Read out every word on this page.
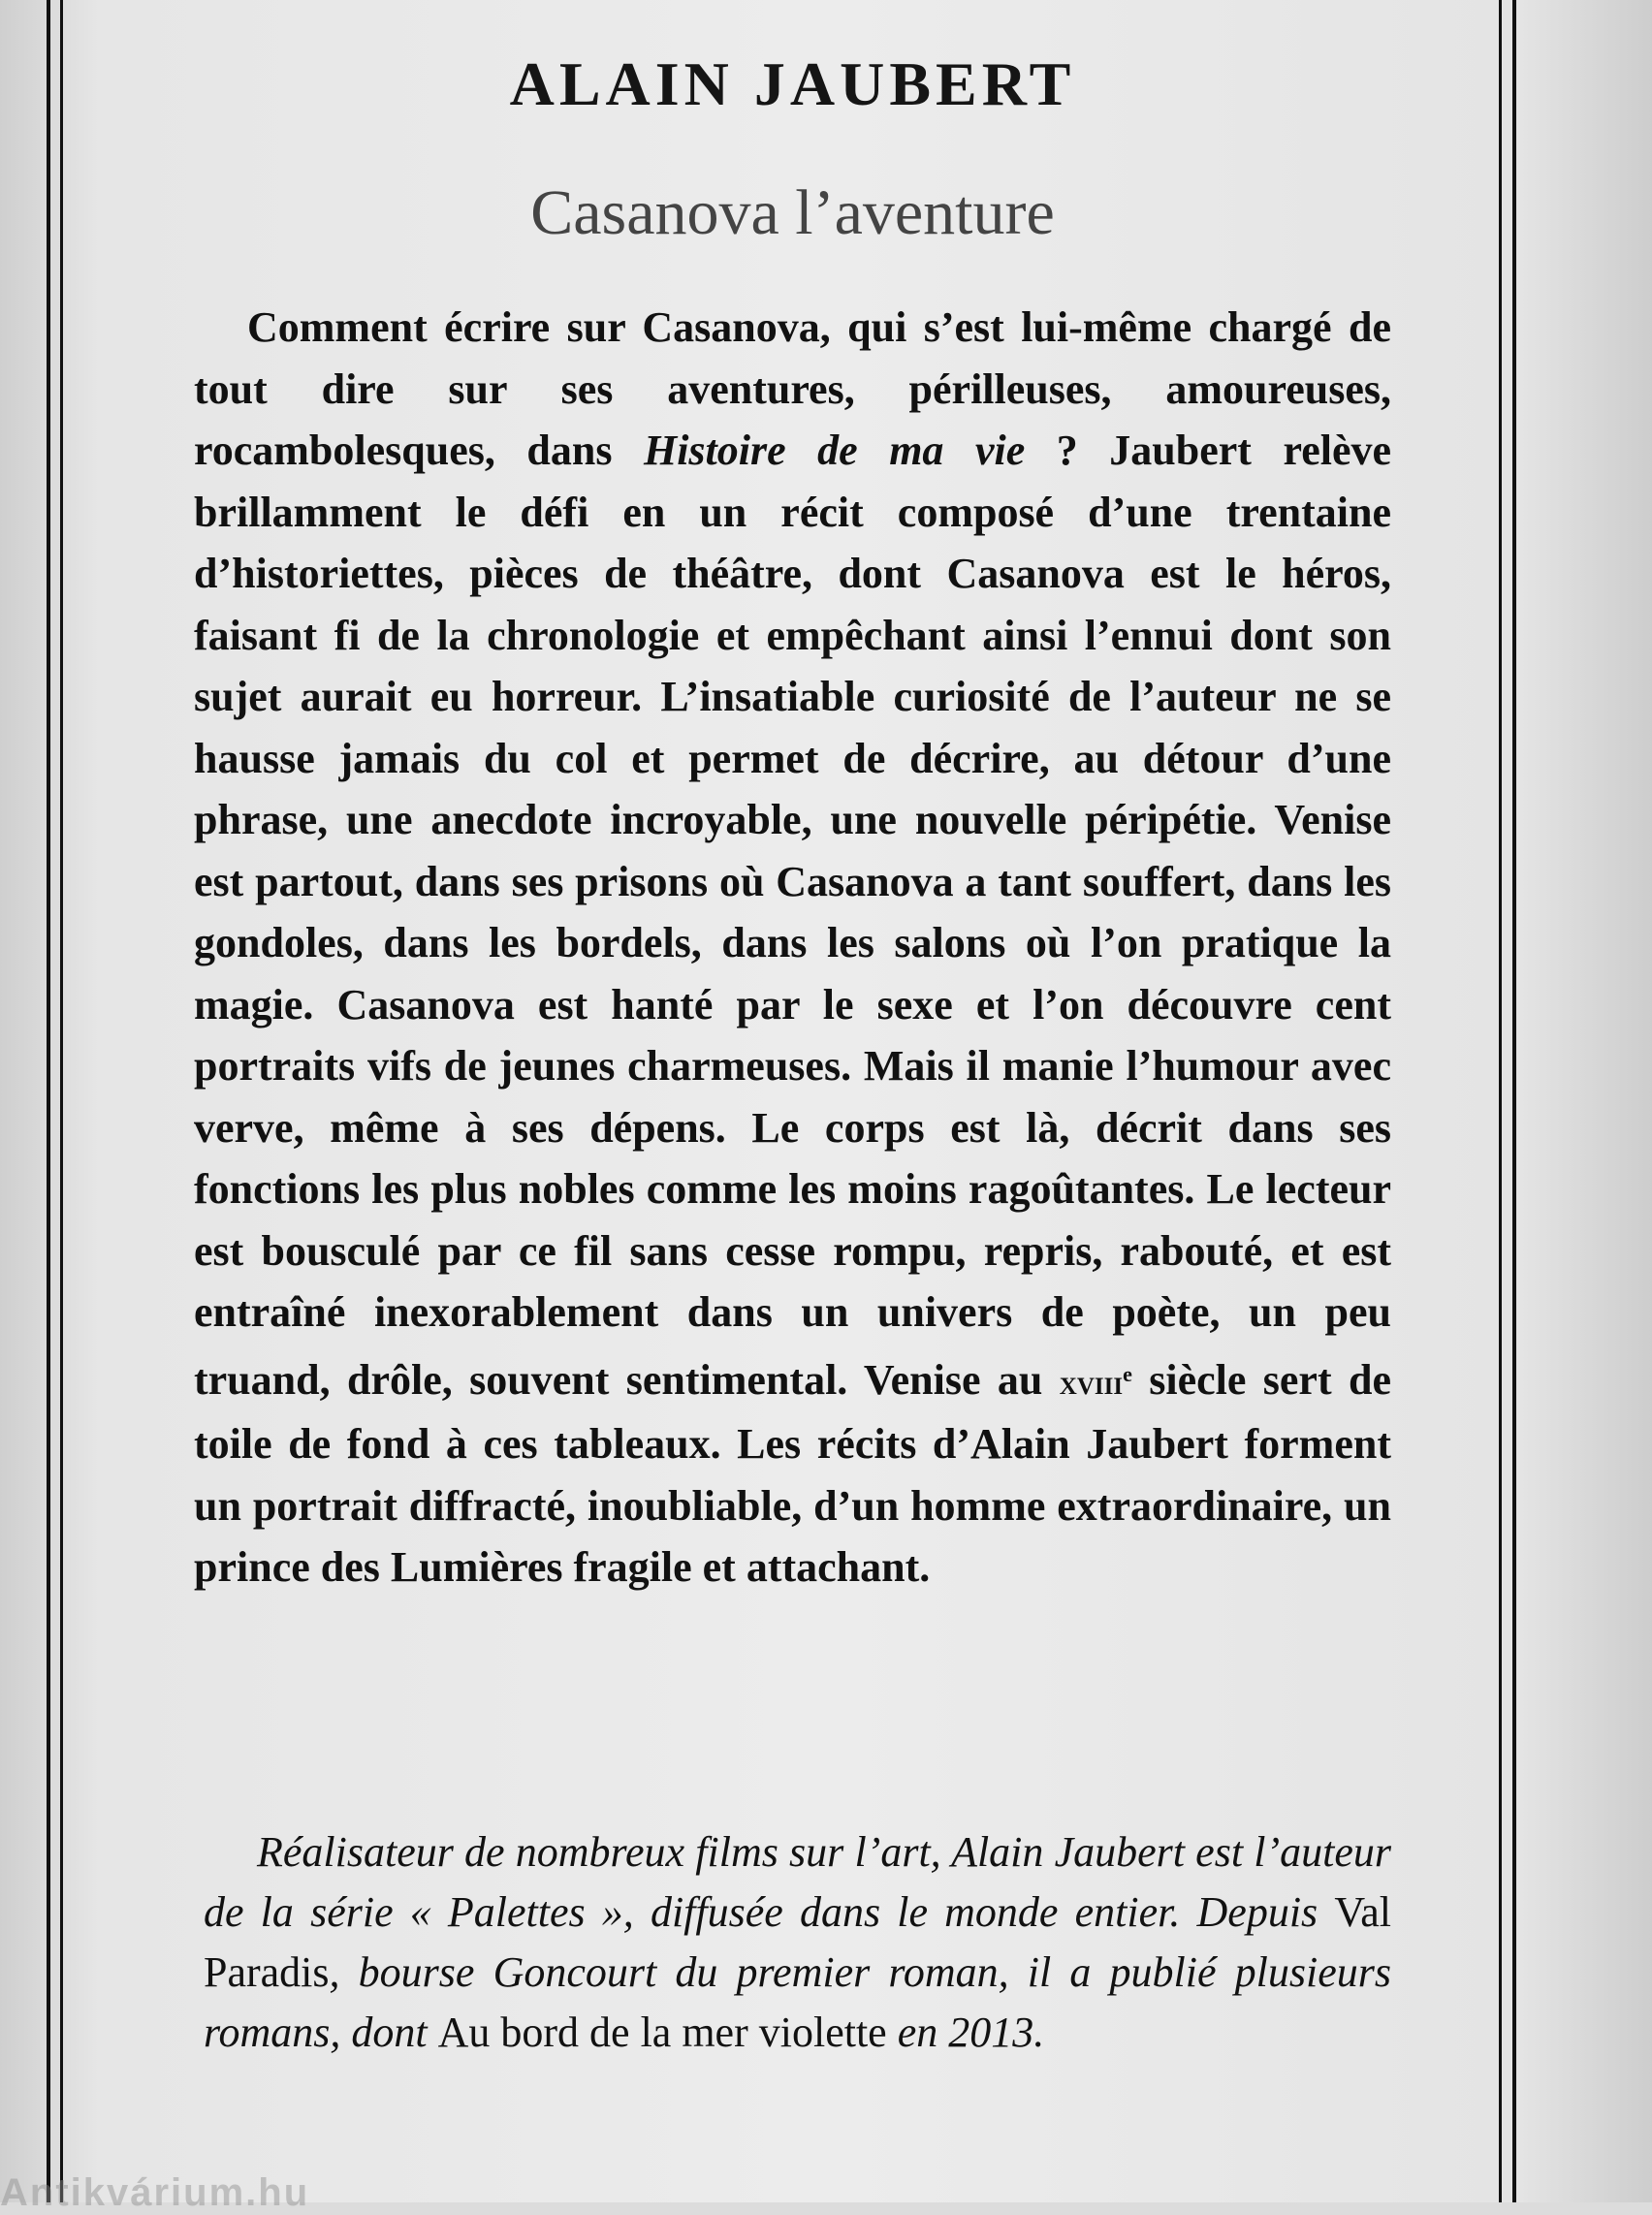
ALAIN JAUBERT
Casanova l’aventure
Comment écrire sur Casanova, qui s’est lui-même chargé de tout dire sur ses aventures, périlleuses, amoureuses, rocambolesques, dans Histoire de ma vie ? Jaubert relève brillamment le défi en un récit composé d’une trentaine d’historiettes, pièces de théâtre, dont Casanova est le héros, faisant fi de la chronologie et empêchant ainsi l’ennui dont son sujet aurait eu horreur. L’insatiable curiosité de l’auteur ne se hausse jamais du col et permet de décrire, au détour d’une phrase, une anecdote incroyable, une nouvelle péripétie. Venise est partout, dans ses prisons où Casanova a tant souffert, dans les gondoles, dans les bordels, dans les salons où l’on pratique la magie. Casanova est hanté par le sexe et l’on découvre cent portraits vifs de jeunes charmeuses. Mais il manie l’humour avec verve, même à ses dépens. Le corps est là, décrit dans ses fonctions les plus nobles comme les moins ragoûtantes. Le lecteur est bousculé par ce fil sans cesse rompu, repris, rabouté, et est entraîné inexorablement dans un univers de poète, un peu truand, drôle, souvent sentimental. Venise au xviii$^e$ siècle sert de toile de fond à ces tableaux. Les récits d’Alain Jaubert forment un portrait diffracté, inoubliable, d’un homme extraordinaire, un prince des Lumières fragile et attachant.
Réalisateur de nombreux films sur l’art, Alain Jaubert est l’auteur de la série « Palettes », diffusée dans le monde entier. Depuis Val Paradis, bourse Goncourt du premier roman, il a publié plusieurs romans, dont Au bord de la mer violette en 2013.
Antikvárium.hu
